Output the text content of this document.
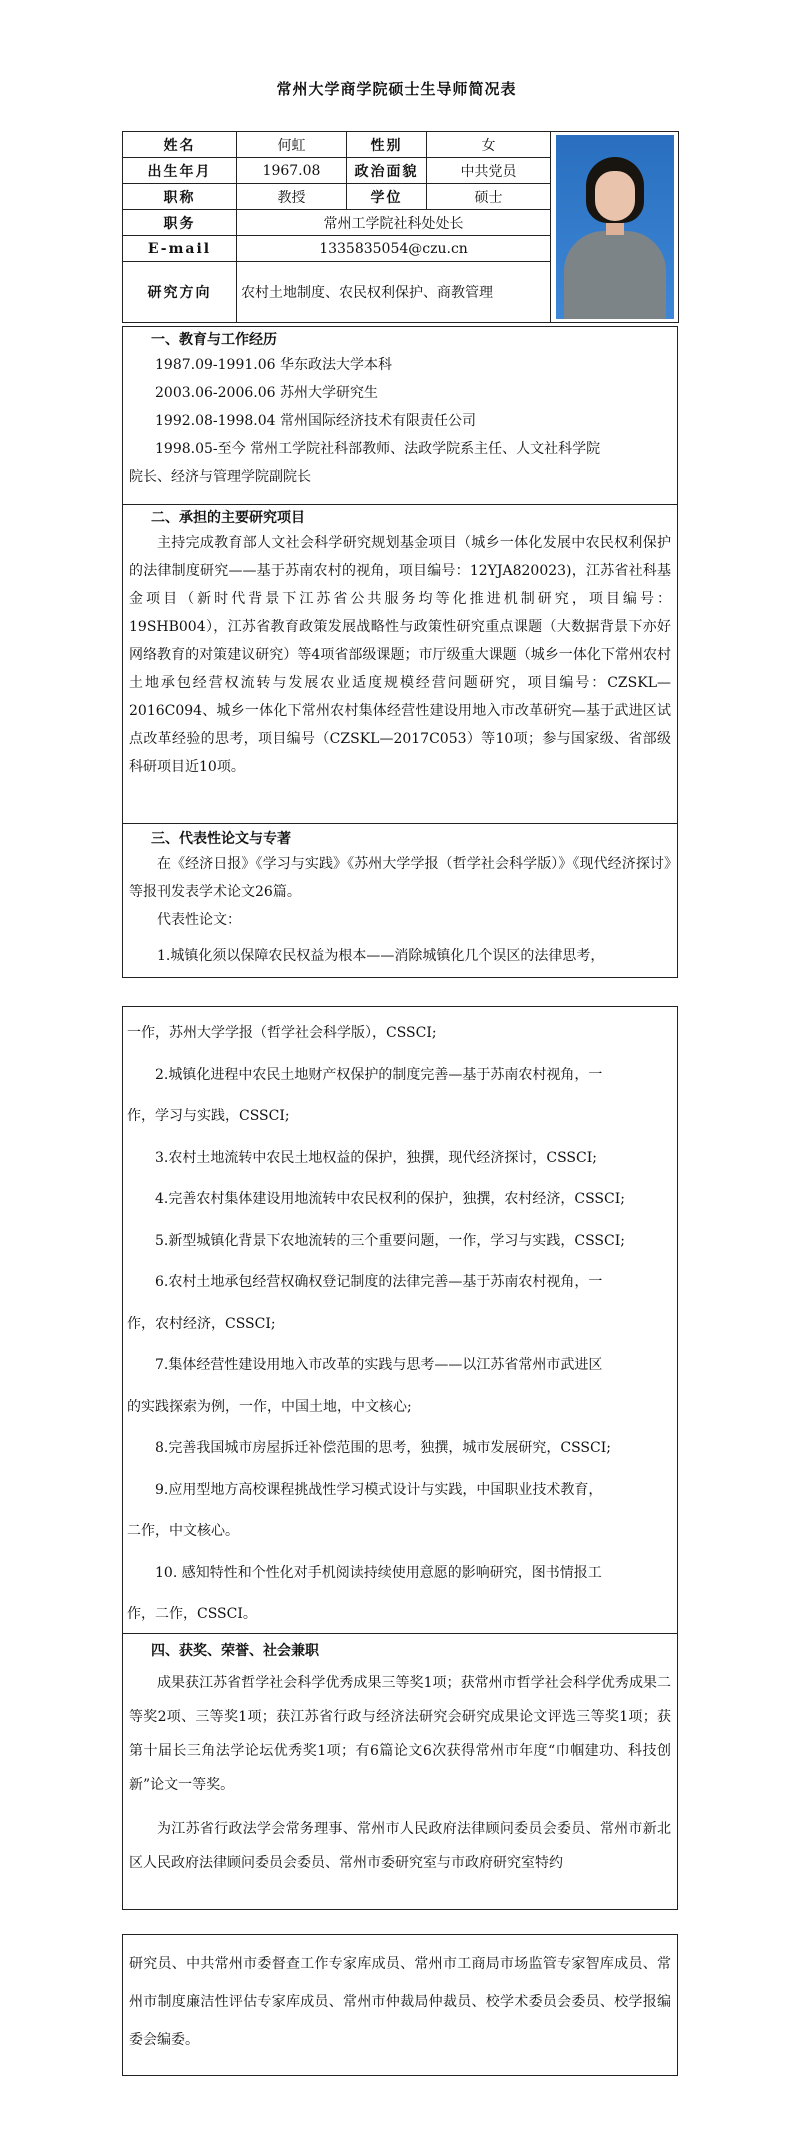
常州大学商学院硕士生导师简况表
姓名	何虹	性别	女	

出生年月	1967.08	政治面貌	中共党员	
职称	教授	学位	硕士	
职务	常州工学院社科处处长			
E-mail	1335835054@czu.cn			
研究方向	农村土地制度、农民权利保护、商教管理			
一、教育与工作经历
1987.09-1991.06 华东政法大学本科
2003.06-2006.06 苏州大学研究生
1992.08-1998.04 常州国际经济技术有限责任公司
1998.05-至今 常州工学院社科部教师、法政学院系主任、人文社科学院
院长、经济与管理学院副院长
二、承担的主要研究项目

主持完成教育部人文社会科学研究规划基金项目（城乡一体化发展中农民权利保护的法律制度研究——基于苏南农村的视角，项目编号：12YJA820023)，江苏省社科基金项目（新时代背景下江苏省公共服务均等化推进机制研究，项目编号：19SHB004），江苏省教育政策发展战略性与政策性研究重点课题（大数据背景下亦好网络教育的对策建议研究）等4项省部级课题；市厅级重大课题（城乡一体化下常州农村土地承包经营权流转与发展农业适度规模经营问题研究，项目编号：CZSKL—2016C094、城乡一体化下常州农村集体经营性建设用地入市改革研究—基于武进区试点改革经验的思考，项目编号（CZSKL—2017C053）等10项；参与国家级、省部级科研项目近10项。

三、代表性论文与专著

在《经济日报》《学习与实践》《苏州大学学报（哲学社会科学版）》《现代经济探讨》等报刊发表学术论文26篇。

代表性论文：

1.城镇化须以保障农民权益为根本——消除城镇化几个误区的法律思考，

一作，苏州大学学报（哲学社会科学版），CSSCI;
2.城镇化进程中农民土地财产权保护的制度完善—基于苏南农村视角，一
作，学习与实践，CSSCI;
3.农村土地流转中农民土地权益的保护，独撰，现代经济探讨，CSSCI;
4.完善农村集体建设用地流转中农民权利的保护，独撰，农村经济，CSSCI;
5.新型城镇化背景下农地流转的三个重要问题，一作，学习与实践，CSSCI;
6.农村土地承包经营权确权登记制度的法律完善—基于苏南农村视角，一
作，农村经济，CSSCI;
7.集体经营性建设用地入市改革的实践与思考——以江苏省常州市武进区
的实践探索为例，一作，中国土地，中文核心;
8.完善我国城市房屋拆迁补偿范围的思考，独撰，城市发展研究，CSSCI;
9.应用型地方高校课程挑战性学习模式设计与实践，中国职业技术教育，
二作，中文核心。
10. 感知特性和个性化对手机阅读持续使用意愿的影响研究，图书情报工
作，二作，CSSCI。
四、获奖、荣誉、社会兼职

成果获江苏省哲学社会科学优秀成果三等奖1项；获常州市哲学社会科学优秀成果二等奖2项、三等奖1项；获江苏省行政与经济法研究会研究成果论文评选三等奖1项；获第十届长三角法学论坛优秀奖1项；有6篇论文6次获得常州市年度“巾帼建功、科技创新”论文一等奖。

为江苏省行政法学会常务理事、常州市人民政府法律顾问委员会委员、常州市新北区人民政府法律顾问委员会委员、常州市委研究室与市政府研究室特约

研究员、中共常州市委督查工作专家库成员、常州市工商局市场监管专家智库成员、常州市制度廉洁性评估专家库成员、常州市仲裁局仲裁员、校学术委员会委员、校学报编委会编委。
